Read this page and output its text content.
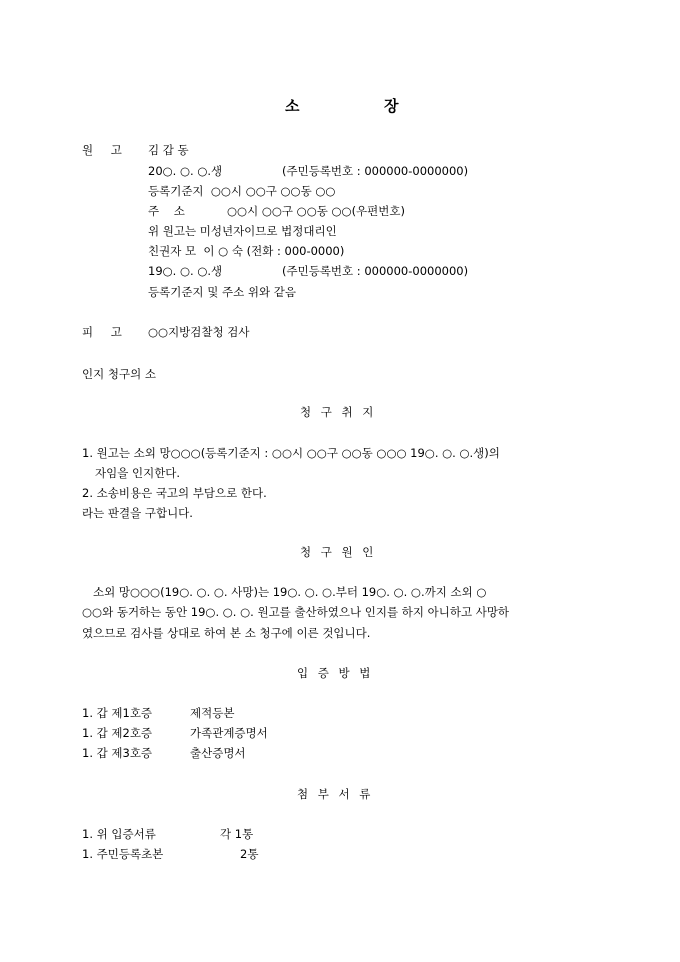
소	장
원 고 김 갑 동
20○. ○. ○.생	(주민등록번호 : 000000-0000000)
등록기준지  ○○시 ○○구 ○○동 ○○
주    소	○○시 ○○구 ○○동 ○○(우편번호)
위 원고는 미성년자이므로 법정대리인
친권자 모  이 ○ 숙 (전화 : 000-0000)
19○. ○. ○.생	(주민등록번호 : 000000-0000000)
등록기준지 및 주소 위와 같음
피 고 ○○지방검찰청 검사
인지 청구의 소
청 구 취 지
1. 원고는 소외 망○○○(등록기준지 : ○○시 ○○구 ○○동 ○○○ 19○. ○. ○.생)의
자임을 인지한다.
2. 소송비용은 국고의 부담으로 한다.
라는 판결을 구합니다.
청 구 원 인
소외 망○○○(19○. ○. ○. 사망)는 19○. ○. ○.부터 19○. ○. ○.까지 소외 ○
○○와 동거하는 동안 19○. ○. ○. 원고를 출산하였으나 인지를 하지 아니하고 사망하
였으므로 검사를 상대로 하여 본 소 청구에 이른 것입니다.
입 증 방 법
1. 갑 제1호증	제적등본
1. 갑 제2호증	가족관계증명서
1. 갑 제3호증	출산증명서
첨 부 서 류
1. 위 입증서류	각 1통
1. 주민등록초본	2통
